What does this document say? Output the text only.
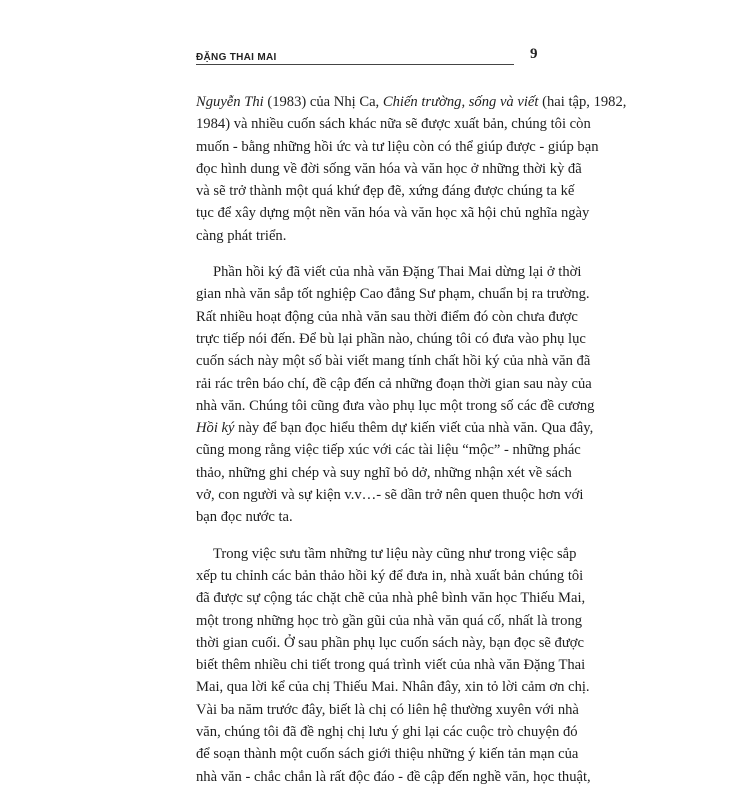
ĐẶNG THAI MAI	9
Nguyễn Thi (1983) của Nhị Ca, Chiến trường, sống và viết (hai tập, 1982,
1984) và nhiều cuốn sách khác nữa sẽ được xuất bản, chúng tôi còn
muốn - bằng những hồi ức và tư liệu còn có thể giúp được - giúp bạn
đọc hình dung về đời sống văn hóa và văn học ở những thời kỳ đã
và sẽ trở thành một quá khứ đẹp đẽ, xứng đáng được chúng ta kế
tục để xây dựng một nền văn hóa và văn học xã hội chủ nghĩa ngày
càng phát triển.
Phần hồi ký đã viết của nhà văn Đặng Thai Mai dừng lại ở thời
gian nhà văn sắp tốt nghiệp Cao đẳng Sư phạm, chuẩn bị ra trường.
Rất nhiều hoạt động của nhà văn sau thời điểm đó còn chưa được
trực tiếp nói đến. Để bù lại phần nào, chúng tôi có đưa vào phụ lục
cuốn sách này một số bài viết mang tính chất hồi ký của nhà văn đã
rải rác trên báo chí, đề cập đến cả những đoạn thời gian sau này của
nhà văn. Chúng tôi cũng đưa vào phụ lục một trong số các đề cương
Hồi ký này để bạn đọc hiểu thêm dự kiến viết của nhà văn. Qua đây,
cũng mong rằng việc tiếp xúc với các tài liệu “mộc” - những phác
thảo, những ghi chép và suy nghĩ bỏ dở, những nhận xét về sách
vở, con người và sự kiện v.v…- sẽ dần trở nên quen thuộc hơn với
bạn đọc nước ta.
Trong việc sưu tầm những tư liệu này cũng như trong việc sắp
xếp tu chỉnh các bản thảo hồi ký để đưa in, nhà xuất bản chúng tôi
đã được sự cộng tác chặt chẽ của nhà phê bình văn học Thiếu Mai,
một trong những học trò gần gũi của nhà văn quá cố, nhất là trong
thời gian cuối. Ở sau phần phụ lục cuốn sách này, bạn đọc sẽ được
biết thêm nhiều chi tiết trong quá trình viết của nhà văn Đặng Thai
Mai, qua lời kể của chị Thiếu Mai. Nhân đây, xin tỏ lời cảm ơn chị.
Vài ba năm trước đây, biết là chị có liên hệ thường xuyên với nhà
văn, chúng tôi đã đề nghị chị lưu ý ghi lại các cuộc trò chuyện đó
để soạn thành một cuốn sách giới thiệu những ý kiến tản mạn của
nhà văn - chắc chắn là rất độc đáo - đề cập đến nghề văn, học thuật,
